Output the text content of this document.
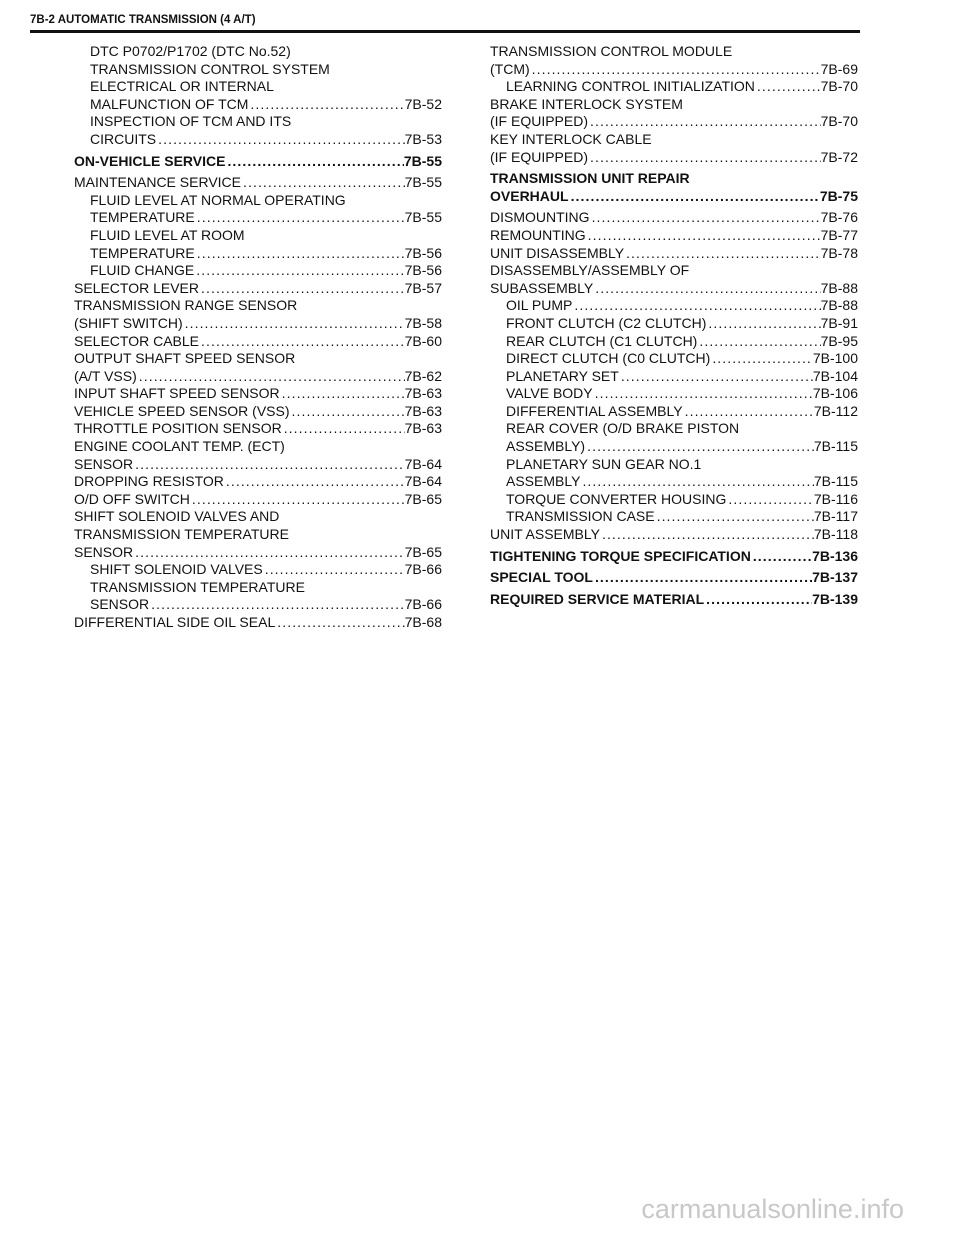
7B-2 AUTOMATIC TRANSMISSION (4 A/T)
DTC P0702/P1702 (DTC No.52)
TRANSMISSION CONTROL SYSTEM
ELECTRICAL OR INTERNAL
MALFUNCTION OF TCM . . .	7B-52
INSPECTION OF TCM AND ITS
CIRCUITS . . .	7B-53
ON-VEHICLE SERVICE . . .	7B-55
MAINTENANCE SERVICE . . .	7B-55
FLUID LEVEL AT NORMAL OPERATING
TEMPERATURE . . .	7B-55
FLUID LEVEL AT ROOM
TEMPERATURE . . .	7B-56
FLUID CHANGE . . .	7B-56
SELECTOR LEVER . . .	7B-57
TRANSMISSION RANGE SENSOR
(SHIFT SWITCH) . . .	7B-58
SELECTOR CABLE . . .	7B-60
OUTPUT SHAFT SPEED SENSOR
(A/T VSS) . . .	7B-62
INPUT SHAFT SPEED SENSOR . . .	7B-63
VEHICLE SPEED SENSOR (VSS) . . .	7B-63
THROTTLE POSITION SENSOR . . .	7B-63
ENGINE COOLANT TEMP. (ECT)
SENSOR . . .	7B-64
DROPPING RESISTOR . . .	7B-64
O/D OFF SWITCH . . .	7B-65
SHIFT SOLENOID VALVES AND
TRANSMISSION TEMPERATURE
SENSOR . . .	7B-65
SHIFT SOLENOID VALVES . . .	7B-66
TRANSMISSION TEMPERATURE
SENSOR . . .	7B-66
DIFFERENTIAL SIDE OIL SEAL . . .	7B-68
TRANSMISSION CONTROL MODULE
(TCM) . . .	7B-69
LEARNING CONTROL INITIALIZATION . . .	7B-70
BRAKE INTERLOCK SYSTEM
(IF EQUIPPED) . . .	7B-70
KEY INTERLOCK CABLE
(IF EQUIPPED) . . .	7B-72
TRANSMISSION UNIT REPAIR
OVERHAUL . . .	7B-75
DISMOUNTING . . .	7B-76
REMOUNTING . . .	7B-77
UNIT DISASSEMBLY . . .	7B-78
DISASSEMBLY/ASSEMBLY OF
SUBASSEMBLY . . .	7B-88
OIL PUMP . . .	7B-88
FRONT CLUTCH (C2 CLUTCH) . . .	7B-91
REAR CLUTCH (C1 CLUTCH) . . .	7B-95
DIRECT CLUTCH (C0 CLUTCH) . . .	7B-100
PLANETARY SET . . .	7B-104
VALVE BODY . . .	7B-106
DIFFERENTIAL ASSEMBLY . . .	7B-112
REAR COVER (O/D BRAKE PISTON
ASSEMBLY) . . .	7B-115
PLANETARY SUN GEAR NO.1
ASSEMBLY . . .	7B-115
TORQUE CONVERTER HOUSING . . .	7B-116
TRANSMISSION CASE . . .	7B-117
UNIT ASSEMBLY . . .	7B-118
TIGHTENING TORQUE SPECIFICATION . . .	7B-136
SPECIAL TOOL . . .	7B-137
REQUIRED SERVICE MATERIAL . . .	7B-139
carmanualsonline.info
